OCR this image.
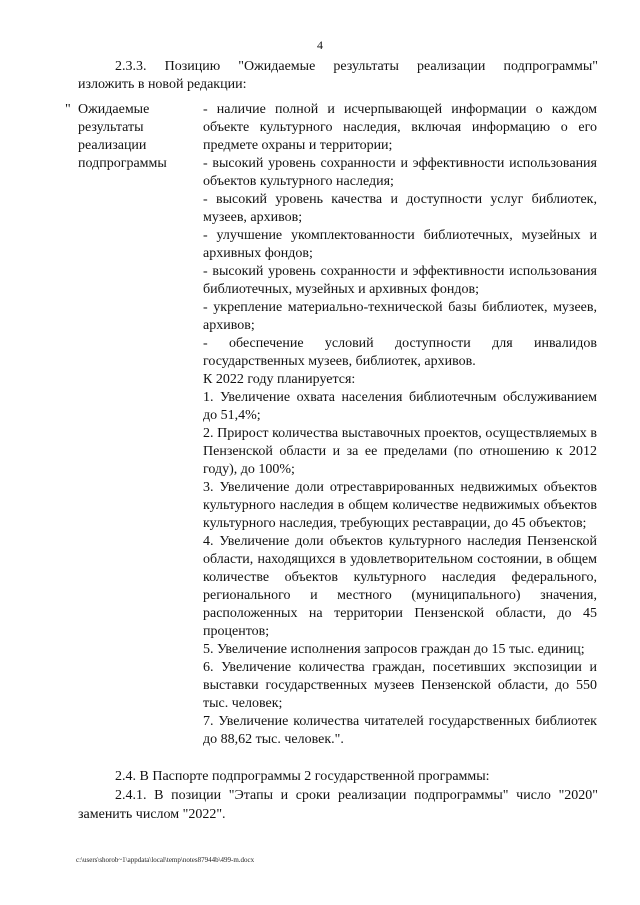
4
2.3.3. Позицию "Ожидаемые результаты реализации подпрограммы"
изложить в новой редакции:
" Ожидаемые
результаты
реализации
подпрограммы

- наличие полной и исчерпывающей информации о каждом объекте культурного наследия, включая информацию о его предмете охраны и территории;

- высокий уровень сохранности и эффективности использования объектов культурного наследия;

- высокий уровень качества и доступности услуг библиотек, музеев, архивов;

- улучшение укомплектованности библиотечных, музейных и архивных фондов;

- высокий уровень сохранности и эффективности использования библиотечных, музейных и архивных фондов;

- укрепление материально-технической базы библиотек, музеев, архивов;

- обеспечение условий доступности для инвалидов государственных музеев, библиотек, архивов.

К 2022 году планируется:

1. Увеличение охвата населения библиотечным обслуживанием до 51,4%;

2. Прирост количества выставочных проектов, осуществляемых в Пензенской области и за ее пределами (по отношению к 2012 году), до 100%;

3. Увеличение доли отреставрированных недвижимых объектов культурного наследия в общем количестве недвижимых объектов культурного наследия, требующих реставрации, до 45 объектов;

4. Увеличение доли объектов культурного наследия Пензенской области, находящихся в удовлетворительном состоянии, в общем количестве объектов культурного наследия федерального, регионального и местного (муниципального) значения, расположенных на территории Пензенской области, до 45 процентов;

5. Увеличение исполнения запросов граждан до 15 тыс. единиц;

6. Увеличение количества граждан, посетивших экспозиции и выставки государственных музеев Пензенской области, до 550 тыс. человек;

7. Увеличение количества читателей государственных библиотек до 88,62 тыс. человек.".

2.4. В Паспорте подпрограммы 2 государственной программы:

2.4.1. В позиции "Этапы и сроки реализации подпрограммы" число "2020" заменить числом "2022".

c:\users\shorob~1\appdata\local\temp\notes87944b\499-m.docx
